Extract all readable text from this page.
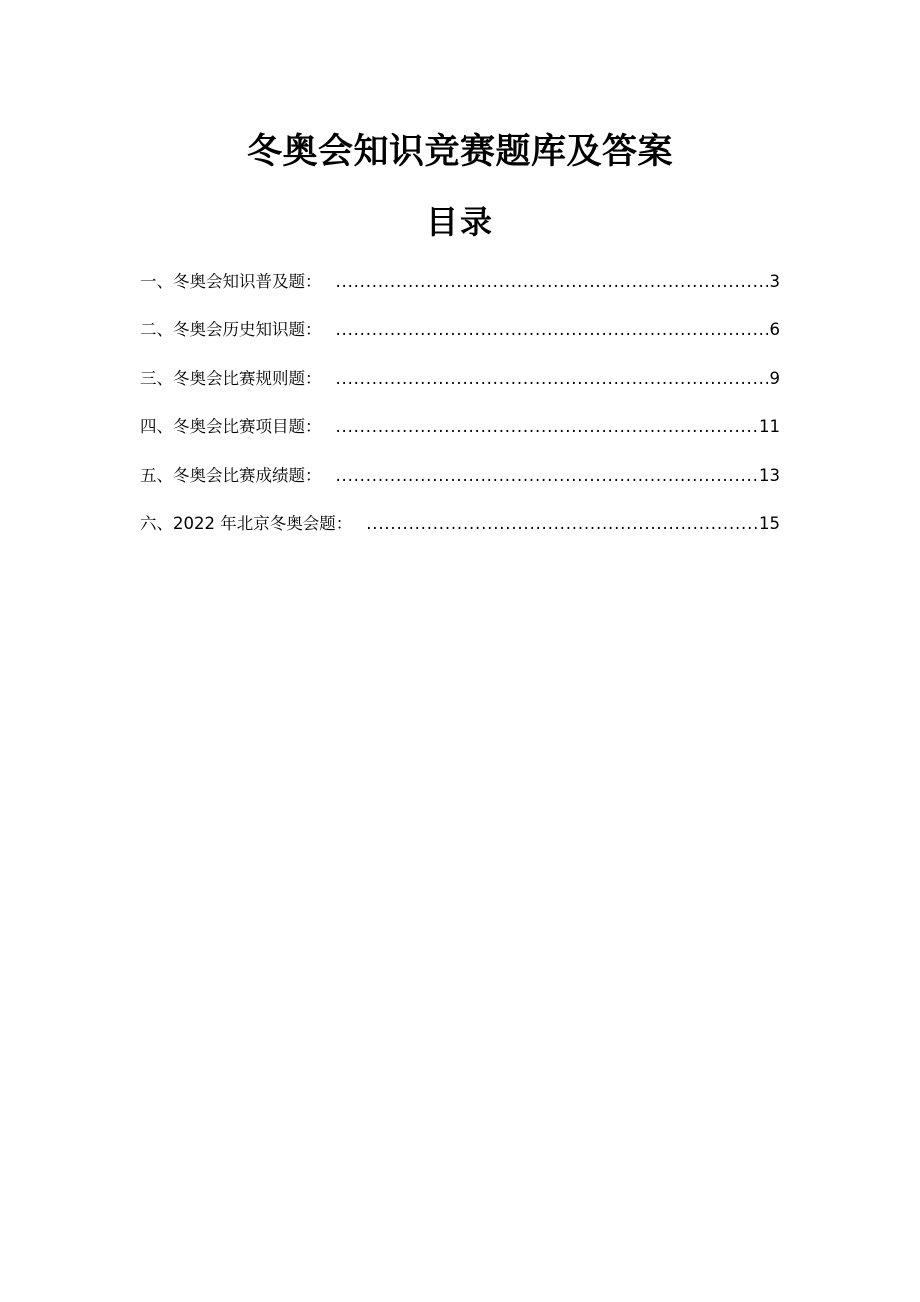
冬奥会知识竞赛题库及答案
目录
一、冬奥会知识普及题： .....	3
二、冬奥会历史知识题： .....	6
三、冬奥会比赛规则题： .....	9
四、冬奥会比赛项目题： .....	11
五、冬奥会比赛成绩题： .....	13
六、2022 年北京冬奥会题： .....	15
